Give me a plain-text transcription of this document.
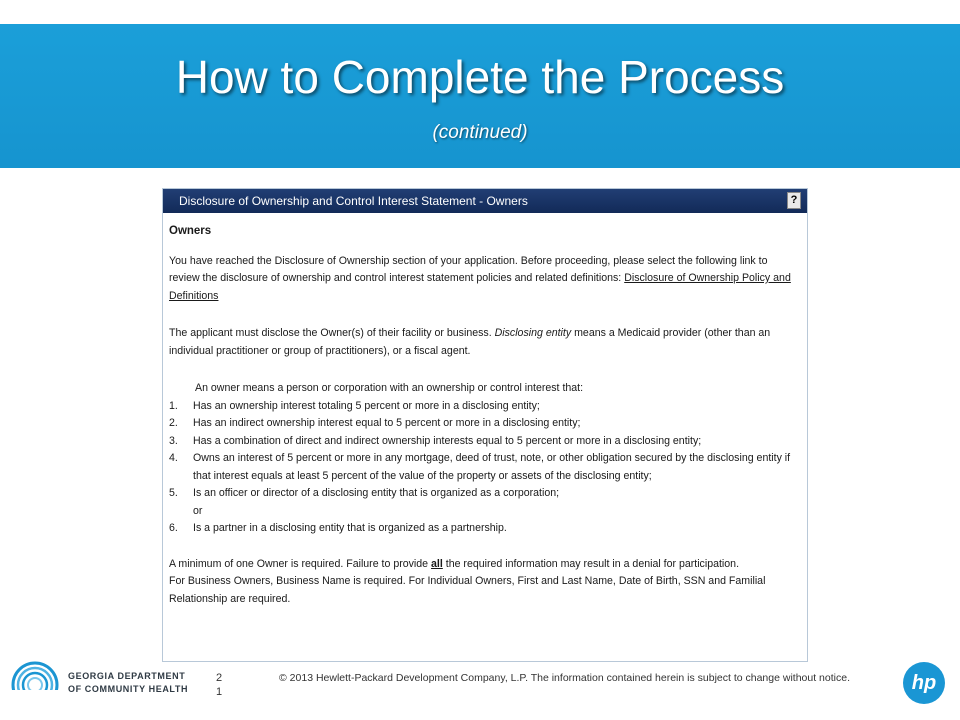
How to Complete the Process
(continued)
Disclosure of Ownership and Control Interest Statement - Owners	?
Owners

You have reached the Disclosure of Ownership section of your application. Before proceeding, please select the following link to review the disclosure of ownership and control interest statement policies and related definitions: Disclosure of Ownership Policy and Definitions

The applicant must disclose the Owner(s) of their facility or business. Disclosing entity means a Medicaid provider (other than an individual practitioner or group of practitioners), or a fiscal agent.

An owner means a person or corporation with an ownership or control interest that:
1.	Has an ownership interest totaling 5 percent or more in a disclosing entity;
2.	Has an indirect ownership interest equal to 5 percent or more in a disclosing entity;
3.	Has a combination of direct and indirect ownership interests equal to 5 percent or more in a disclosing entity;
4.	Owns an interest of 5 percent or more in any mortgage, deed of trust, note, or other obligation secured by the disclosing entity if that interest equals at least 5 percent of the value of the property or assets of the disclosing entity;
5.	Is an officer or director of a disclosing entity that is organized as a corporation;
or
6.	Is a partner in a disclosing entity that is organized as a partnership.
A minimum of one Owner is required. Failure to provide all the required information may result in a denial for participation.
For Business Owners, Business Name is required. For Individual Owners, First and Last Name, Date of Birth, SSN and Familial Relationship are required.
GEORGIA DEPARTMENT
OF COMMUNITY HEALTH
2
1
© 2013 Hewlett-Packard Development Company, L.P. The information contained herein is subject to change without notice.	hp
